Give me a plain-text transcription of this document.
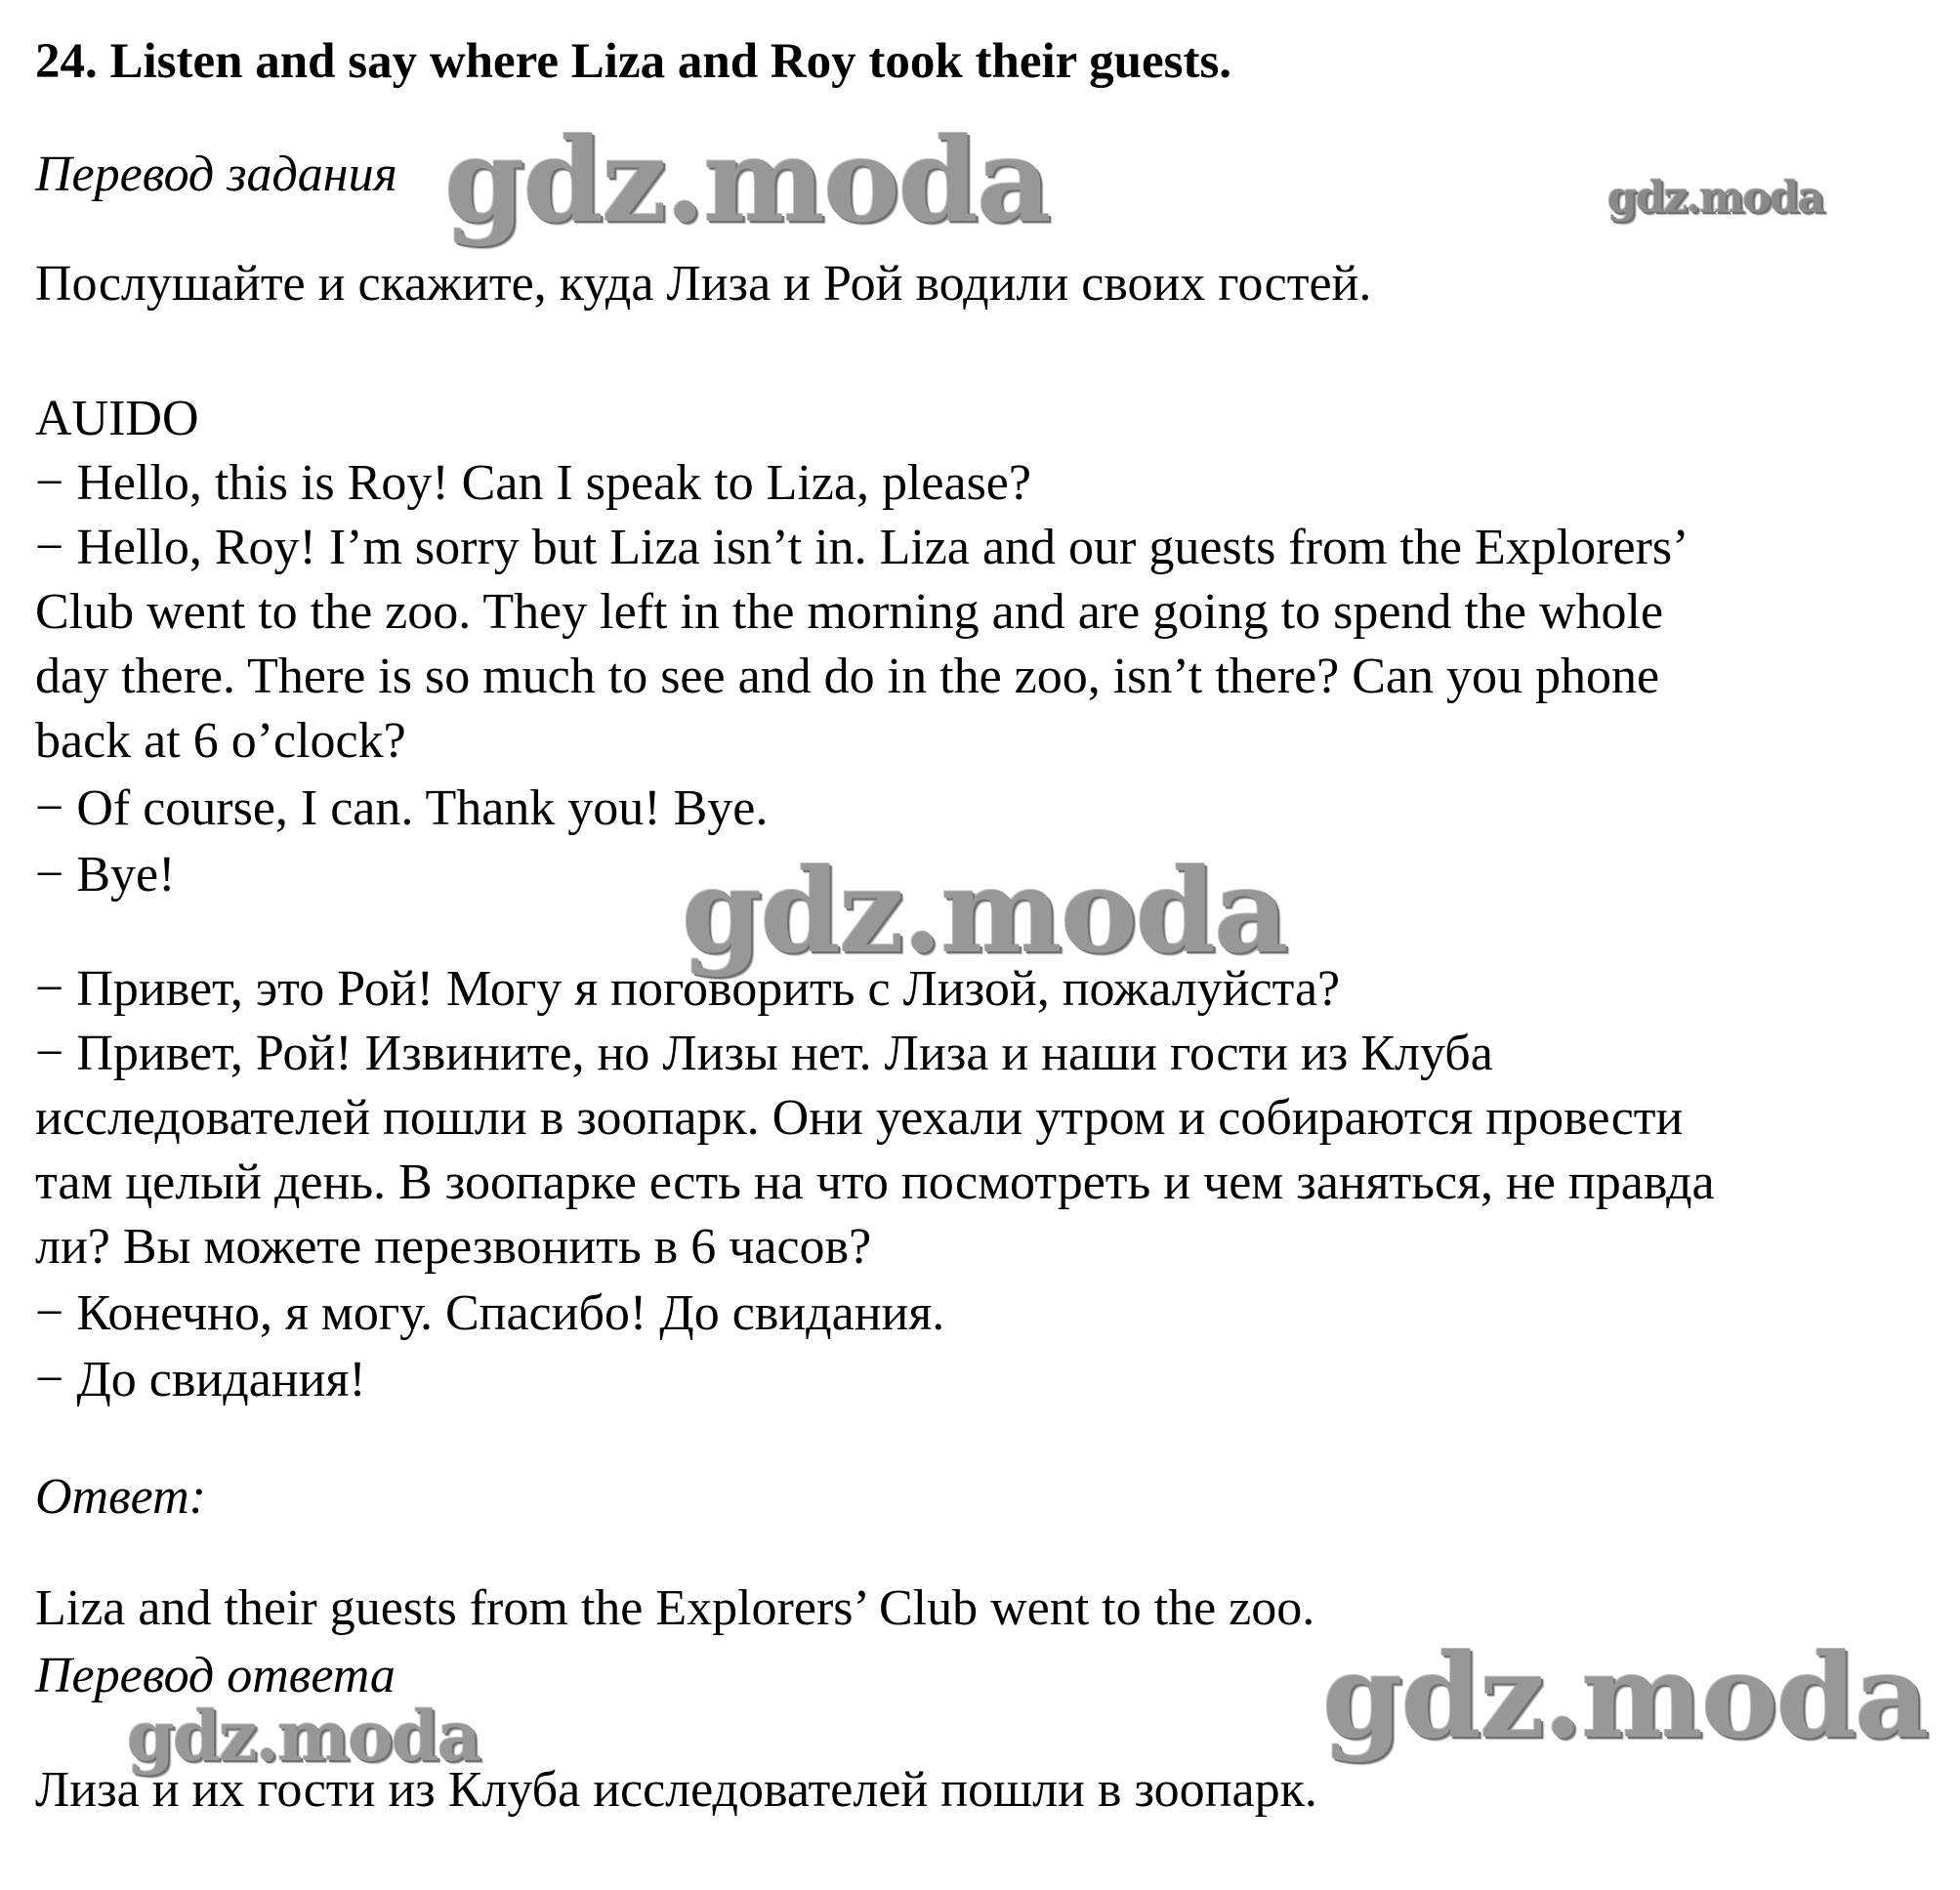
24. Listen and say where Liza and Roy took their guests.
Перевод задания
Послушайте и скажите, куда Лиза и Рой водили своих гостей.
AUIDO
− Hello, this is Roy! Can I speak to Liza, please?
− Hello, Roy! I’m sorry but Liza isn’t in. Liza and our guests from the Explorers’
Club went to the zoo. They left in the morning and are going to spend the whole
day there. There is so much to see and do in the zoo, isn’t there? Can you phone
back at 6 o’clock?
− Of course, I can. Thank you! Bye.
− Bye!
− Привет, это Рой! Могу я поговорить с Лизой, пожалуйста?
− Привет, Рой! Извините, но Лизы нет. Лиза и наши гости из Клуба
исследователей пошли в зоопарк. Они уехали утром и собираются провести
там целый день. В зоопарке есть на что посмотреть и чем заняться, не правда
ли? Вы можете перезвонить в 6 часов?
− Конечно, я могу. Спасибо! До свидания.
− До свидания!
Ответ:
Liza and their guests from the Explorers’ Club went to the zoo.
Перевод ответа
Лиза и их гости из Клуба исследователей пошли в зоопарк.
gdz.moda	gdz.moda
gdz.moda
gdz.moda
gdz.moda
